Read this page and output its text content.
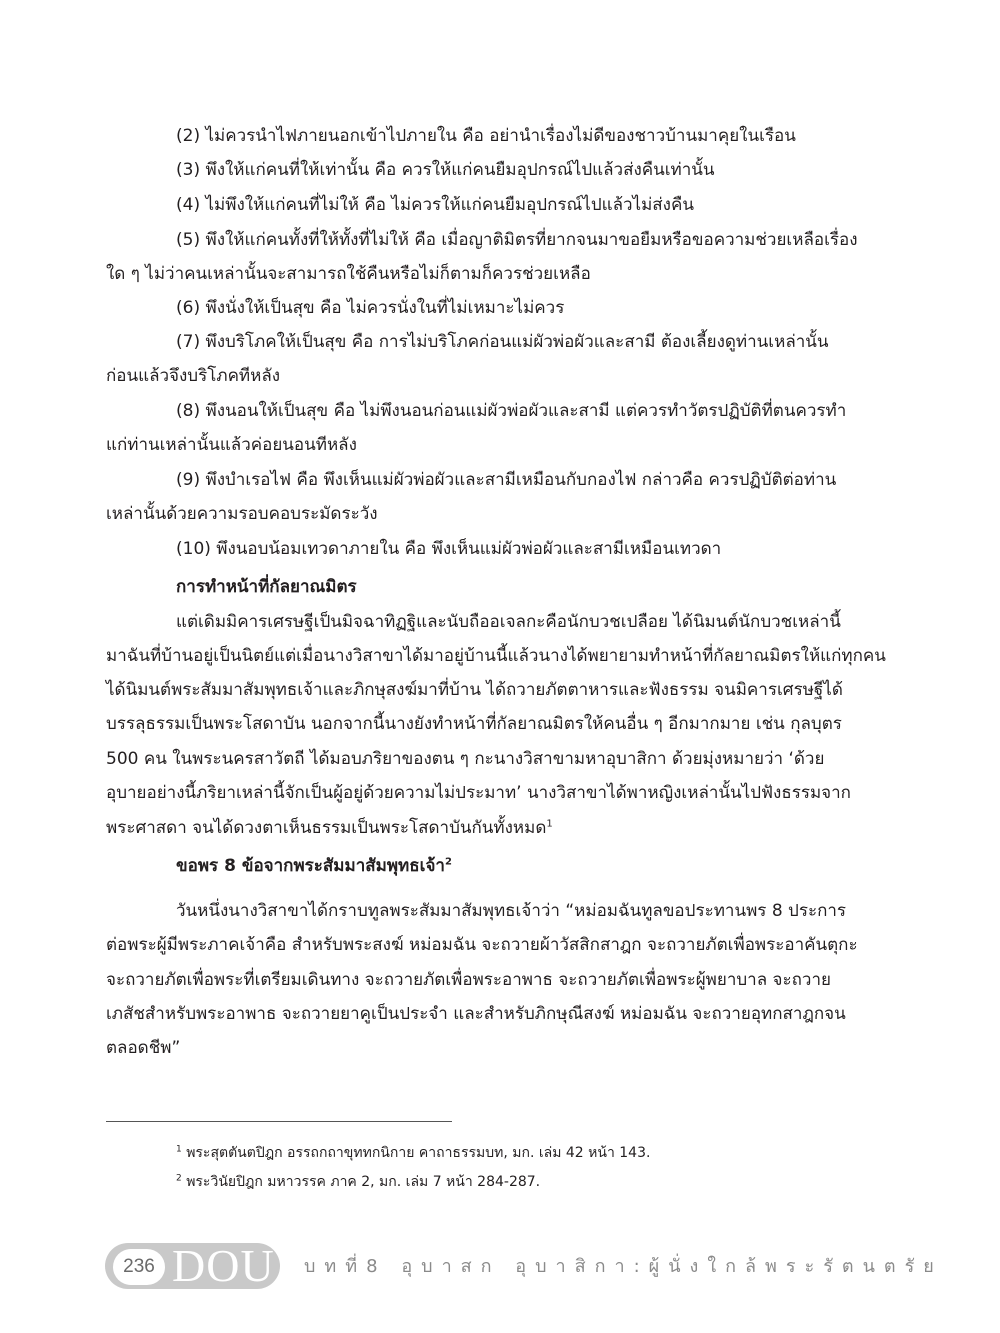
(2) ไม่ควรนำไฟภายนอกเข้าไปภายใน คือ อย่านำเรื่องไม่ดีของชาวบ้านมาคุยในเรือน
(3) พึงให้แก่คนที่ให้เท่านั้น คือ ควรให้แก่คนยืมอุปกรณ์ไปแล้วส่งคืนเท่านั้น
(4) ไม่พึงให้แก่คนที่ไม่ให้ คือ ไม่ควรให้แก่คนยืมอุปกรณ์ไปแล้วไม่ส่งคืน
(5) พึงให้แก่คนทั้งที่ให้ทั้งที่ไม่ให้ คือ เมื่อญาติมิตรที่ยากจนมาขอยืมหรือขอความช่วยเหลือเรื่อง
ใด ๆ ไม่ว่าคนเหล่านั้นจะสามารถใช้คืนหรือไม่ก็ตามก็ควรช่วยเหลือ
(6) พึงนั่งให้เป็นสุข คือ ไม่ควรนั่งในที่ไม่เหมาะไม่ควร
(7) พึงบริโภคให้เป็นสุข คือ การไม่บริโภคก่อนแม่ผัวพ่อผัวและสามี ต้องเลี้ยงดูท่านเหล่านั้น
ก่อนแล้วจึงบริโภคทีหลัง
(8) พึงนอนให้เป็นสุข คือ ไม่พึงนอนก่อนแม่ผัวพ่อผัวและสามี แต่ควรทำวัตรปฏิบัติที่ตนควรทำ
แก่ท่านเหล่านั้นแล้วค่อยนอนทีหลัง
(9) พึงบำเรอไฟ คือ พึงเห็นแม่ผัวพ่อผัวและสามีเหมือนกับกองไฟ กล่าวคือ ควรปฏิบัติต่อท่าน
เหล่านั้นด้วยความรอบคอบระมัดระวัง
(10) พึงนอบน้อมเทวดาภายใน คือ พึงเห็นแม่ผัวพ่อผัวและสามีเหมือนเทวดา
การทำหน้าที่กัลยาณมิตร
แต่เดิมมิคารเศรษฐีเป็นมิจฉาทิฏฐิและนับถืออเจลกะคือนักบวชเปลือย ได้นิมนต์นักบวชเหล่านี้
มาฉันที่บ้านอยู่เป็นนิตย์แต่เมื่อนางวิสาขาได้มาอยู่บ้านนี้แล้วนางได้พยายามทำหน้าที่กัลยาณมิตรให้แก่ทุกคน
ได้นิมนต์พระสัมมาสัมพุทธเจ้าและภิกษุสงฆ์มาที่บ้าน ได้ถวายภัตตาหารและฟังธรรม จนมิคารเศรษฐีได้
บรรลุธรรมเป็นพระโสดาบัน นอกจากนี้นางยังทำหน้าที่กัลยาณมิตรให้คนอื่น ๆ อีกมากมาย เช่น กุลบุตร
500 คน ในพระนครสาวัตถี ได้มอบภริยาของตน ๆ กะนางวิสาขามหาอุบาสิกา ด้วยมุ่งหมายว่า ‘ด้วย
อุบายอย่างนี้ภริยาเหล่านี้จักเป็นผู้อยู่ด้วยความไม่ประมาท’ นางวิสาขาได้พาหญิงเหล่านั้นไปฟังธรรมจาก
พระศาสดา จนได้ดวงตาเห็นธรรมเป็นพระโสดาบันกันทั้งหมด$^1$
ขอพร 8 ข้อจากพระสัมมาสัมพุทธเจ้า$^2$
วันหนึ่งนางวิสาขาได้กราบทูลพระสัมมาสัมพุทธเจ้าว่า “หม่อมฉันทูลขอประทานพร 8 ประการ
ต่อพระผู้มีพระภาคเจ้าคือ สำหรับพระสงฆ์ หม่อมฉัน จะถวายผ้าวัสสิกสาฎก จะถวายภัตเพื่อพระอาคันตุกะ
จะถวายภัตเพื่อพระที่เตรียมเดินทาง จะถวายภัตเพื่อพระอาพาธ จะถวายภัตเพื่อพระผู้พยาบาล จะถวาย
เภสัชสำหรับพระอาพาธ จะถวายยาคูเป็นประจำ และสำหรับภิกษุณีสงฆ์ หม่อมฉัน จะถวายอุทกสาฎกจน
ตลอดชีพ”
$^1$ พระสุตตันตปิฎก อรรถกถาขุททกนิกาย คาถาธรรมบท, มก. เล่ม 42 หน้า 143.
$^2$ พระวินัยปิฎก มหาวรรค ภาค 2, มก. เล่ม 7 หน้า 284-287.
236 DOU บทที่8 อุบาสก อุบาสิกา:ผู้นั่งใกล้พระรัตนตรัย
